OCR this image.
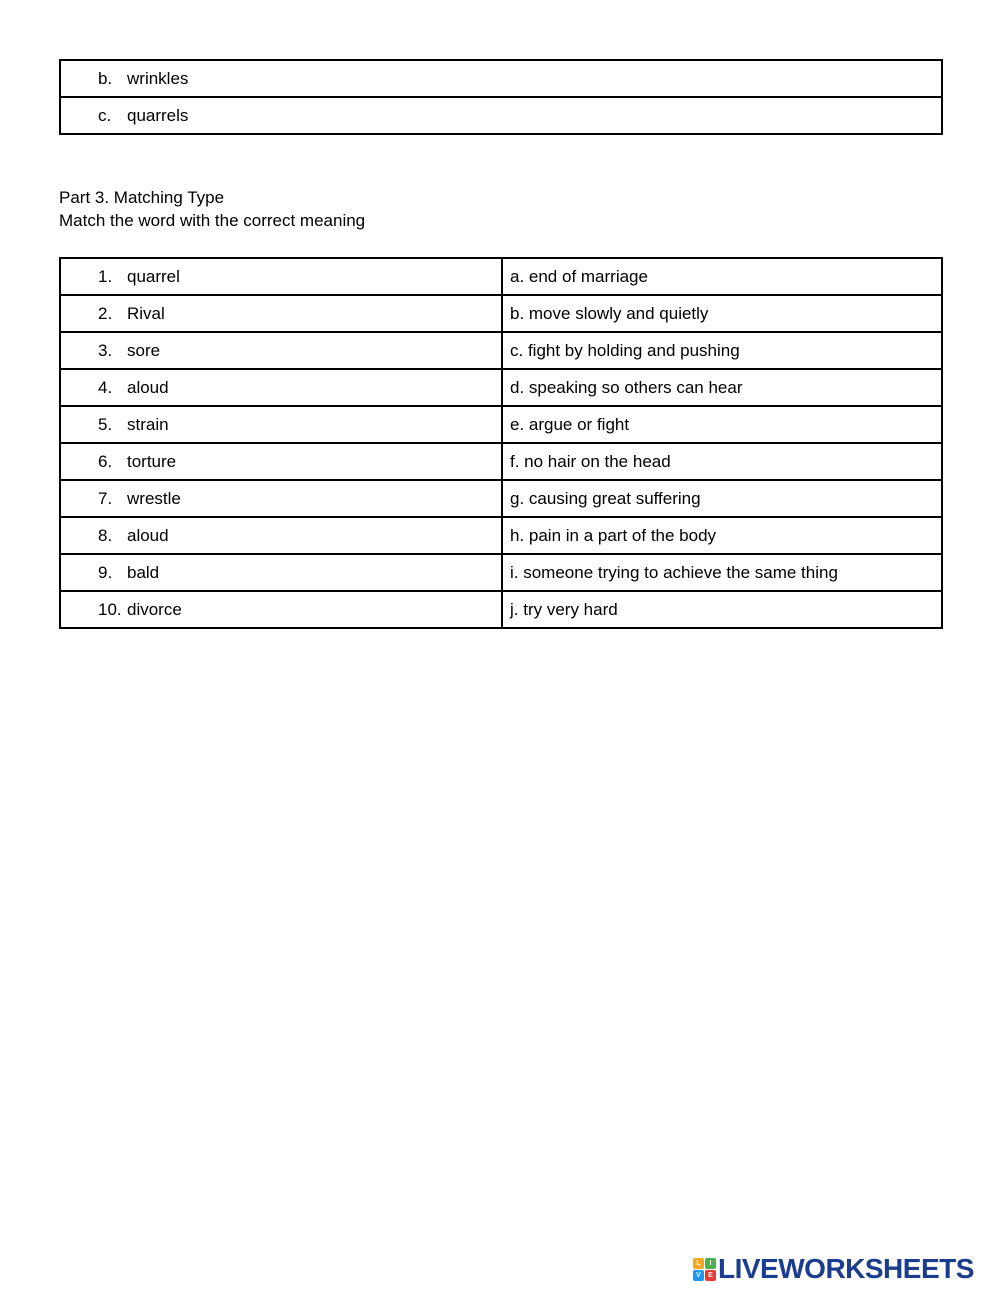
b. wrinkles

c. quarrels
Part 3. Matching Type
Match the word with the correct meaning
1. quarrel	a. end of marriage

2. Rival	b. move slowly and quietly

3. sore	c. fight by holding and pushing

4. aloud	d. speaking so others can hear

5. strain	e. argue or fight

6. torture	f. no hair on the head

7. wrestle	g. causing great suffering

8. aloud	h. pain in a part of the body

9. bald	i. someone trying to achieve the same thing

10. divorce	j. try very hard
L	I
V	E LIVEWORKSHEETS
